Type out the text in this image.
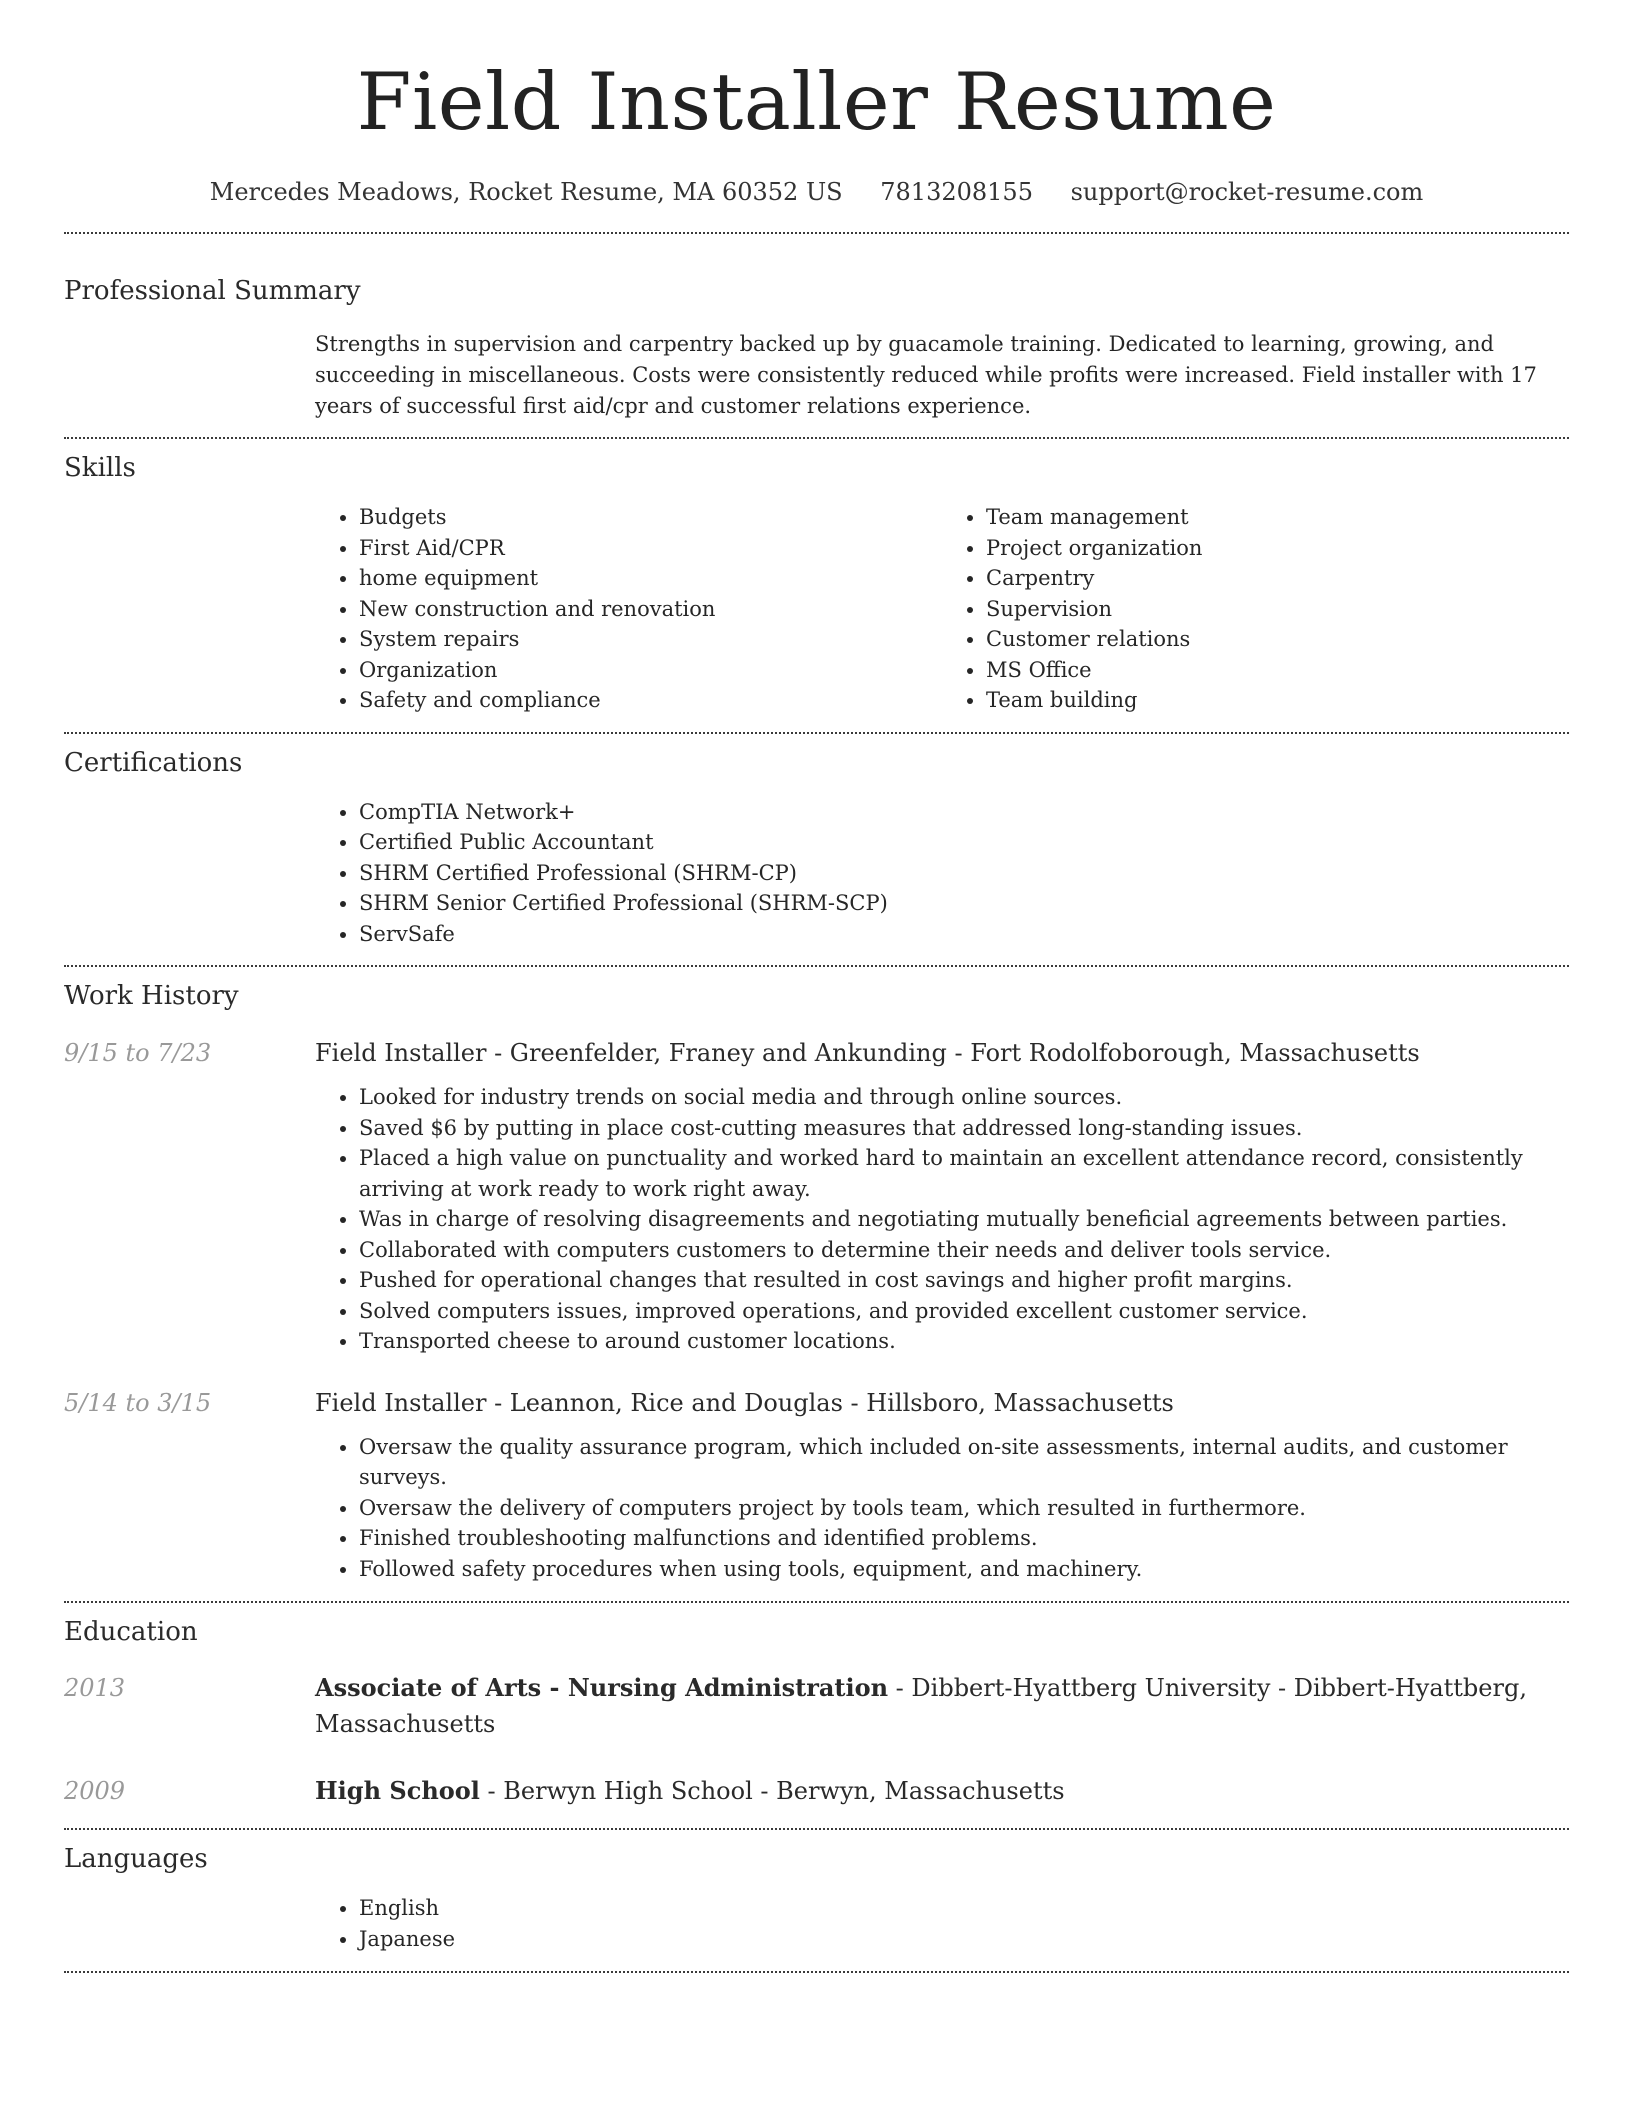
Field Installer Resume
Mercedes Meadows, Rocket Resume, MA 60352 US 7813208155 support@rocket-resume.com
Professional Summary

Strengths in supervision and carpentry backed up by guacamole training. Dedicated to learning, growing, and succeeding in miscellaneous. Costs were consistently reduced while profits were increased. Field installer with 17 years of successful first aid/cpr and customer relations experience.

Skills
• Budgets
• First Aid/CPR
• home equipment
• New construction and renovation
• System repairs
• Organization
• Safety and compliance
• Team management
• Project organization
• Carpentry
• Supervision
• Customer relations
• MS Office
• Team building
Certifications
• CompTIA Network+
• Certified Public Accountant
• SHRM Certified Professional (SHRM-CP)
• SHRM Senior Certified Professional (SHRM-SCP)
• ServSafe
Work History
9/15 to 7/23	Field Installer - Greenfelder, Franey and Ankunding - Fort Rodolfoborough, Massachusetts
• Looked for industry trends on social media and through online sources.
• Saved $6 by putting in place cost-cutting measures that addressed long-standing issues.
• Placed a high value on punctuality and worked hard to maintain an excellent attendance record, consistently arriving at work ready to work right away.
• Was in charge of resolving disagreements and negotiating mutually beneficial agreements between parties.
• Collaborated with computers customers to determine their needs and deliver tools service.
• Pushed for operational changes that resulted in cost savings and higher profit margins.
• Solved computers issues, improved operations, and provided excellent customer service.
• Transported cheese to around customer locations.
5/14 to 3/15	Field Installer - Leannon, Rice and Douglas - Hillsboro, Massachusetts
• Oversaw the quality assurance program, which included on-site assessments, internal audits, and customer surveys.
• Oversaw the delivery of computers project by tools team, which resulted in furthermore.
• Finished troubleshooting malfunctions and identified problems.
• Followed safety procedures when using tools, equipment, and machinery.
Education
2013	Associate of Arts - Nursing Administration - Dibbert-Hyattberg University - Dibbert-Hyattberg, Massachusetts
2009	High School - Berwyn High School - Berwyn, Massachusetts
Languages
• English
• Japanese
